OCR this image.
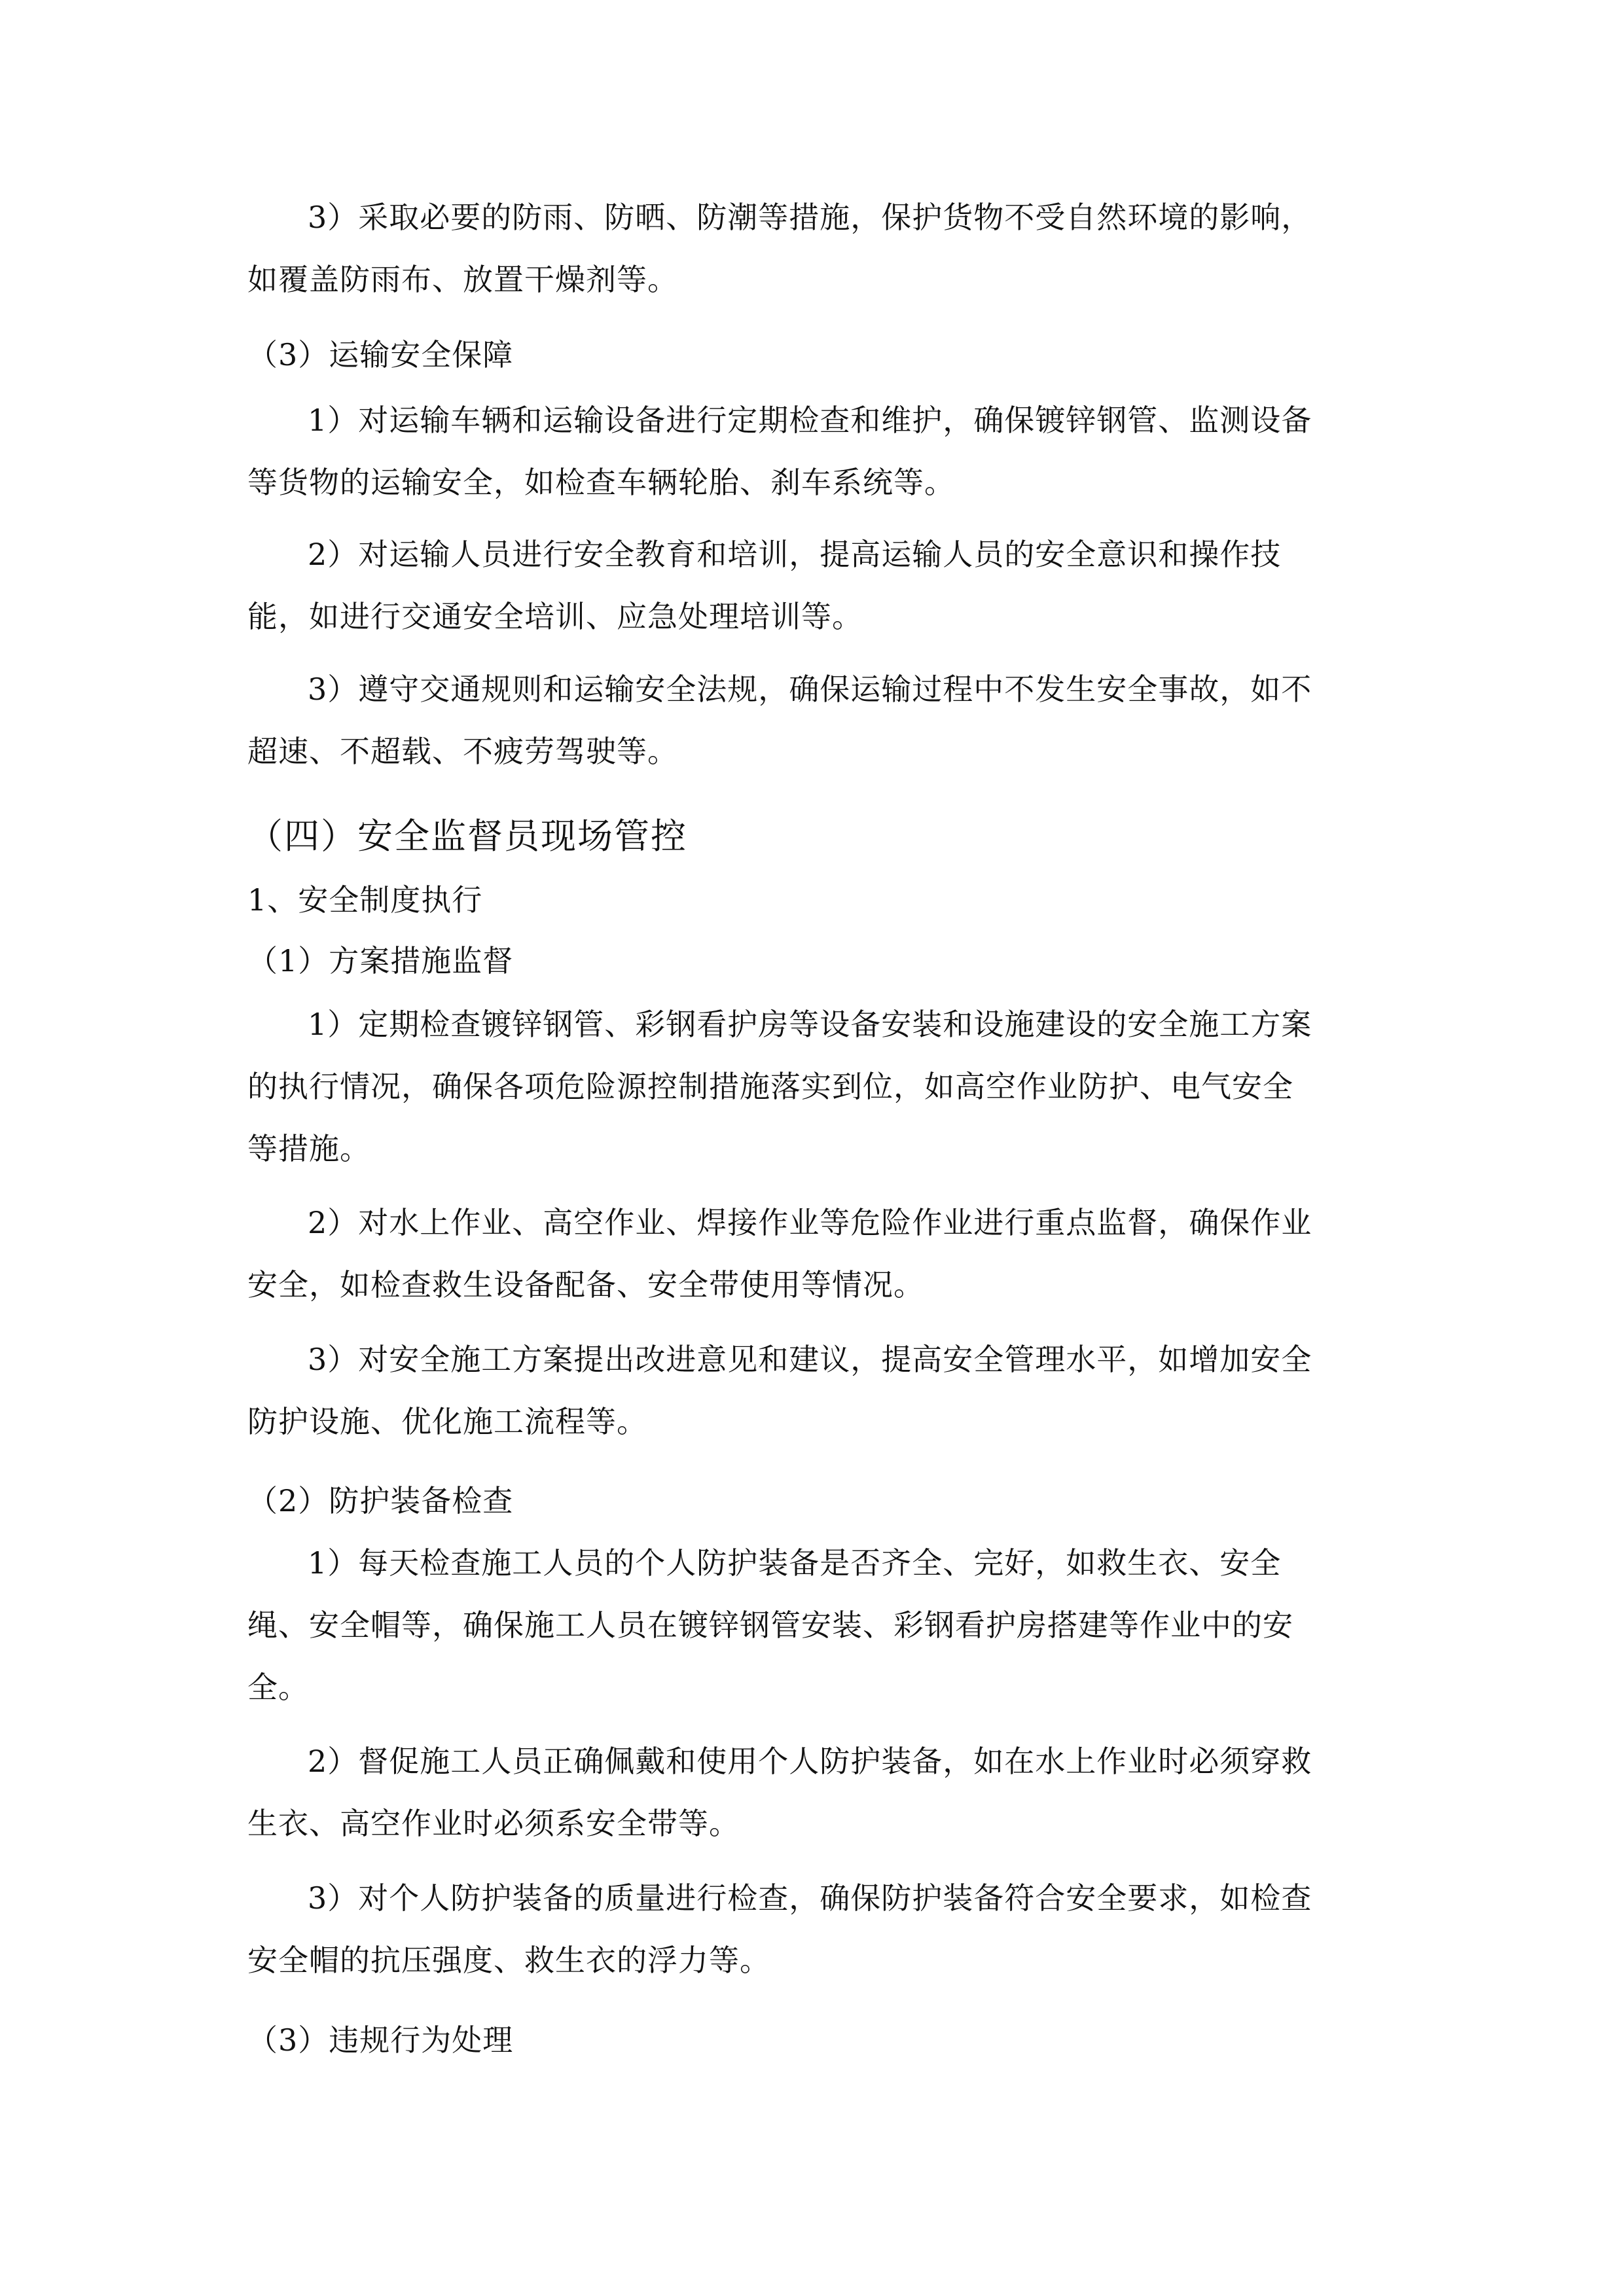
3）采取必要的防雨、防晒、防潮等措施，保护货物不受自然环境的影响，
如覆盖防雨布、放置干燥剂等。
（3）运输安全保障
1）对运输车辆和运输设备进行定期检查和维护，确保镀锌钢管、监测设备
等货物的运输安全，如检查车辆轮胎、刹车系统等。
2）对运输人员进行安全教育和培训，提高运输人员的安全意识和操作技
能，如进行交通安全培训、应急处理培训等。
3）遵守交通规则和运输安全法规，确保运输过程中不发生安全事故，如不
超速、不超载、不疲劳驾驶等。
（四）安全监督员现场管控
1、安全制度执行
（1）方案措施监督
1）定期检查镀锌钢管、彩钢看护房等设备安装和设施建设的安全施工方案
的执行情况，确保各项危险源控制措施落实到位，如高空作业防护、电气安全
等措施。
2）对水上作业、高空作业、焊接作业等危险作业进行重点监督，确保作业
安全，如检查救生设备配备、安全带使用等情况。
3）对安全施工方案提出改进意见和建议，提高安全管理水平，如增加安全
防护设施、优化施工流程等。
（2）防护装备检查
1）每天检查施工人员的个人防护装备是否齐全、完好，如救生衣、安全
绳、安全帽等，确保施工人员在镀锌钢管安装、彩钢看护房搭建等作业中的安
全。
2）督促施工人员正确佩戴和使用个人防护装备，如在水上作业时必须穿救
生衣、高空作业时必须系安全带等。
3）对个人防护装备的质量进行检查，确保防护装备符合安全要求，如检查
安全帽的抗压强度、救生衣的浮力等。
（3）违规行为处理
